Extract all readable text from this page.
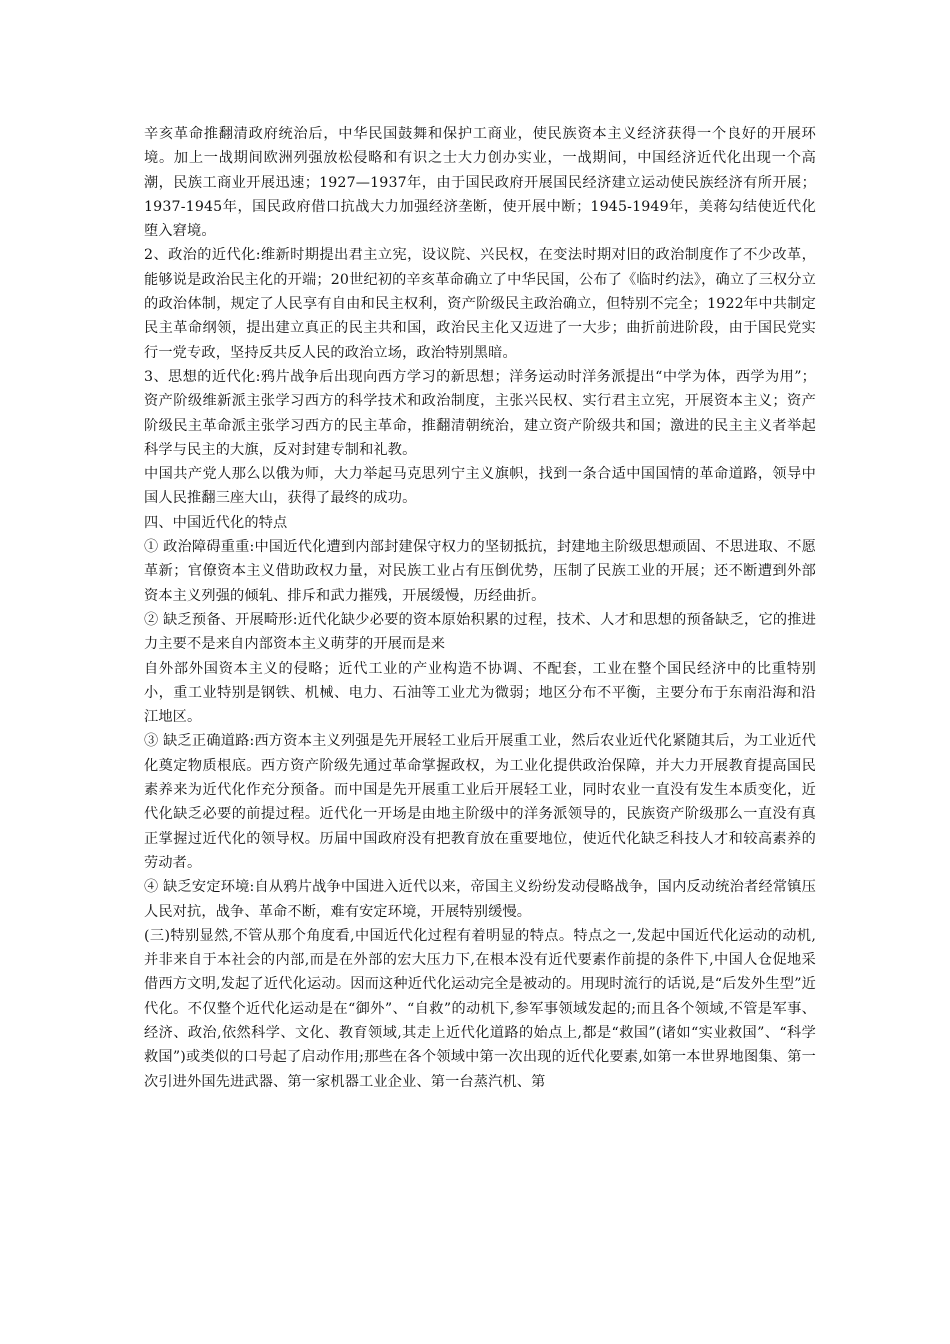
辛亥革命推翻清政府统治后，中华民国鼓舞和保护工商业，使民族资本主义经济获得一个良好的开展环境。加上一战期间欧洲列强放松侵略和有识之士大力创办实业，一战期间，中国经济近代化出现一个高潮，民族工商业开展迅速；1927—1937年，由于国民政府开展国民经济建立运动使民族经济有所开展；1937-1945年，国民政府借口抗战大力加强经济垄断，使开展中断；1945-1949年，美蒋勾结使近代化堕入窘境。

2、政治的近代化:维新时期提出君主立宪，设议院、兴民权，在变法时期对旧的政治制度作了不少改革，能够说是政治民主化的开端；20世纪初的辛亥革命确立了中华民国，公布了《临时约法》，确立了三权分立的政治体制，规定了人民享有自由和民主权利，资产阶级民主政治确立，但特别不完全；1922年中共制定民主革命纲领，提出建立真正的民主共和国，政治民主化又迈进了一大步；曲折前进阶段，由于国民党实行一党专政，坚持反共反人民的政治立场，政治特别黑暗。

3、思想的近代化:鸦片战争后出现向西方学习的新思想；洋务运动时洋务派提出“中学为体，西学为用”；资产阶级维新派主张学习西方的科学技术和政治制度，主张兴民权、实行君主立宪，开展资本主义；资产阶级民主革命派主张学习西方的民主革命，推翻清朝统治，建立资产阶级共和国；激进的民主主义者举起科学与民主的大旗，反对封建专制和礼教。

中国共产党人那么以俄为师，大力举起马克思列宁主义旗帜，找到一条合适中国国情的革命道路，领导中国人民推翻三座大山，获得了最终的成功。

四、中国近代化的特点

① 政治障碍重重:中国近代化遭到内部封建保守权力的坚韧抵抗，封建地主阶级思想顽固、不思进取、不愿革新；官僚资本主义借助政权力量，对民族工业占有压倒优势，压制了民族工业的开展；还不断遭到外部资本主义列强的倾轧、排斥和武力摧残，开展缓慢，历经曲折。

② 缺乏预备、开展畸形:近代化缺少必要的资本原始积累的过程，技术、人才和思想的预备缺乏，它的推进力主要不是来自内部资本主义萌芽的开展而是来

自外部外国资本主义的侵略；近代工业的产业构造不协调、不配套，工业在整个国民经济中的比重特别小，重工业特别是钢铁、机械、电力、石油等工业尤为微弱；地区分布不平衡，主要分布于东南沿海和沿江地区。

③ 缺乏正确道路:西方资本主义列强是先开展轻工业后开展重工业，然后农业近代化紧随其后，为工业近代化奠定物质根底。西方资产阶级先通过革命掌握政权，为工业化提供政治保障，并大力开展教育提高国民素养来为近代化作充分预备。而中国是先开展重工业后开展轻工业，同时农业一直没有发生本质变化，近代化缺乏必要的前提过程。近代化一开场是由地主阶级中的洋务派领导的，民族资产阶级那么一直没有真正掌握过近代化的领导权。历届中国政府没有把教育放在重要地位，使近代化缺乏科技人才和较高素养的劳动者。

④ 缺乏安定环境:自从鸦片战争中国进入近代以来，帝国主义纷纷发动侵略战争，国内反动统治者经常镇压人民对抗，战争、革命不断，难有安定环境，开展特别缓慢。

(三)特别显然,不管从那个角度看,中国近代化过程有着明显的特点。特点之一,发起中国近代化运动的动机,并非来自于本社会的内部,而是在外部的宏大压力下,在根本没有近代要素作前提的条件下,中国人仓促地采借西方文明,发起了近代化运动。因而这种近代化运动完全是被动的。用现时流行的话说,是“后发外生型”近代化。不仅整个近代化运动是在“御外”、“自救”的动机下,参军事领域发起的;而且各个领域,不管是军事、经济、政治,依然科学、文化、教育领域,其走上近代化道路的始点上,都是“救国”(诸如“实业救国”、“科学救国”)或类似的口号起了启动作用;那些在各个领域中第一次出现的近代化要素,如第一本世界地图集、第一次引进外国先进武器、第一家机器工业企业、第一台蒸汽机、第
